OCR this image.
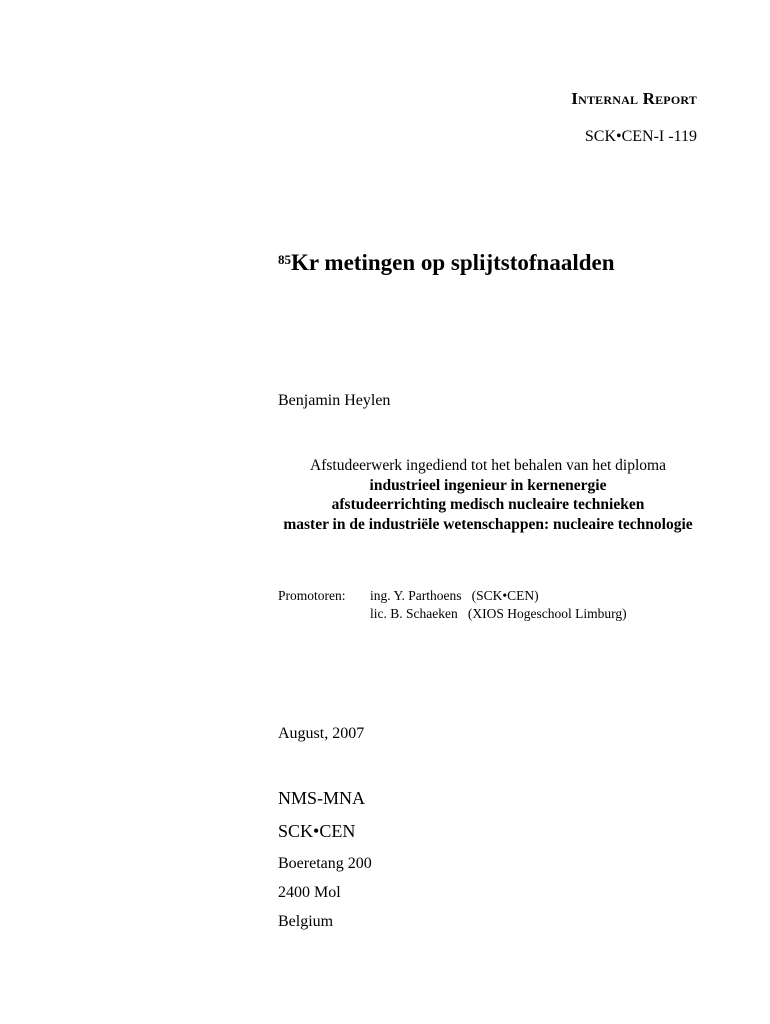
Internal Report
SCK•CEN-I -119
$^{85}$Kr metingen op splijtstofnaalden
Benjamin Heylen
Afstudeerwerk ingediend tot het behalen van het diploma
industrieel ingenieur in kernenergie
afstudeerrichting medisch nucleaire technieken
master in de industriële wetenschappen: nucleaire technologie
Promotoren:	ing. Y. Parthoens   (SCK•CEN)
lic. B. Schaeken   (XIOS Hogeschool Limburg)
August, 2007
NMS-MNA
SCK•CEN
Boeretang 200
2400 Mol
Belgium
